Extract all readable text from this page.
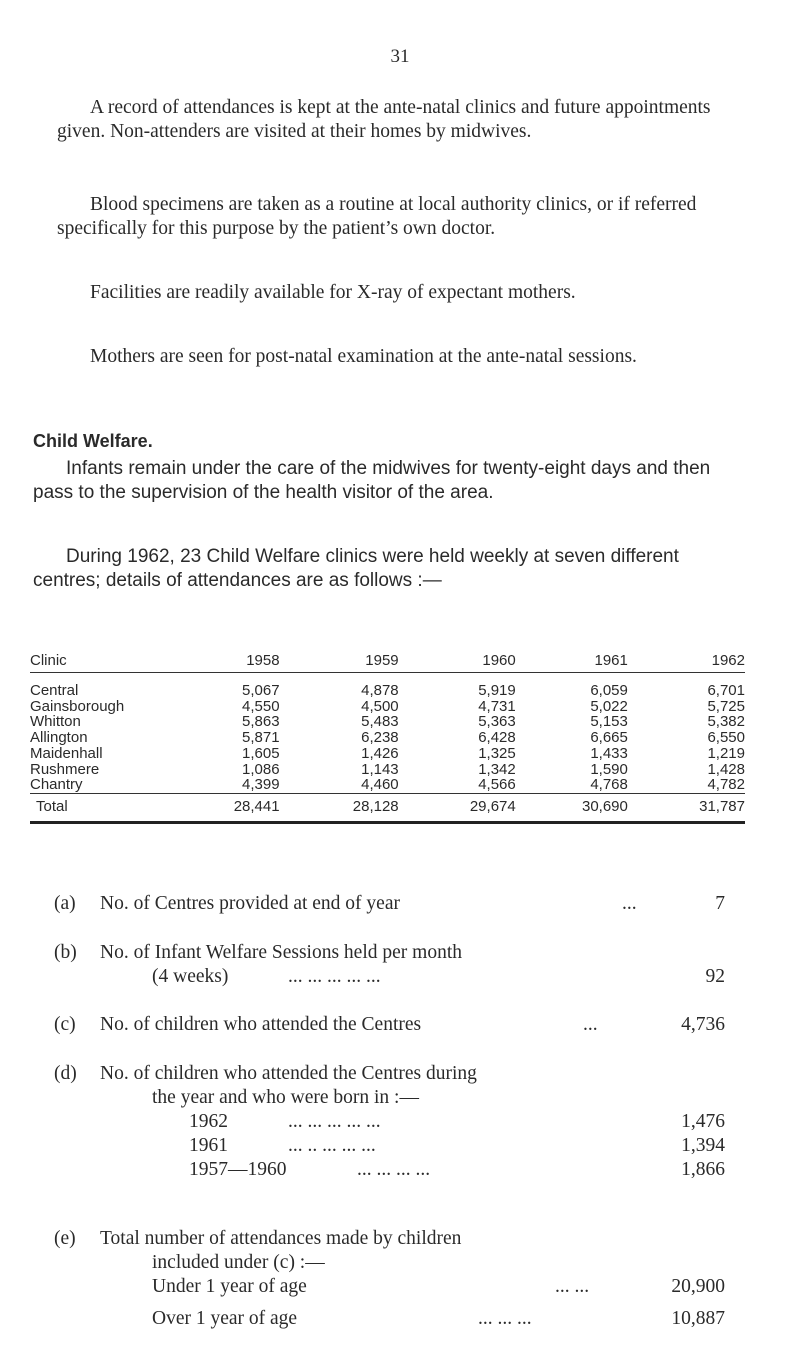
31

A record of attendances is kept at the ante-natal clinics and future appointments given. Non-attenders are visited at their homes by midwives.

Blood specimens are taken as a routine at local authority clinics, or if referred specifically for this purpose by the patient’s own doctor.

Facilities are readily available for X-ray of expectant mothers.

Mothers are seen for post-natal examination at the ante-natal sessions.

Child Welfare.

Infants remain under the care of the midwives for twenty-eight days and then pass to the supervision of the health visitor of the area.

During 1962, 23 Child Welfare clinics were held weekly at seven different centres; details of attendances are as follows :—

Clinic	1958	1959	1960	1961	1962
Central	5,067	4,878	5,919	6,059	6,701
Gainsborough	4,550	4,500	4,731	5,022	5,725
Whitton	5,863	5,483	5,363	5,153	5,382
Allington	5,871	6,238	6,428	6,665	6,550
Maidenhall	1,605	1,426	1,325	1,433	1,219
Rushmere	1,086	1,143	1,342	1,590	1,428
Chantry	4,399	4,460	4,566	4,768	4,782
Total	28,441	28,128	29,674	30,690	31,787
(a) No. of Centres provided at end of year	...	7
(b) No. of Infant Welfare Sessions held per month
(4 weeks)	... ... ... ... ...	92
(c) No. of children who attended the Centres	...	4,736
(d) No. of children who attended the Centres during
the year and who were born in :—
1962	... ... ... ... ...	1,476
1961	... .. ... ... ...	1,394
1957—1960	... ... ... ...	1,866
(e) Total number of attendances made by children
included under (c) :—
Under 1 year of age	... ...	20,900
Over 1 year of age	... ... ...	10,887
